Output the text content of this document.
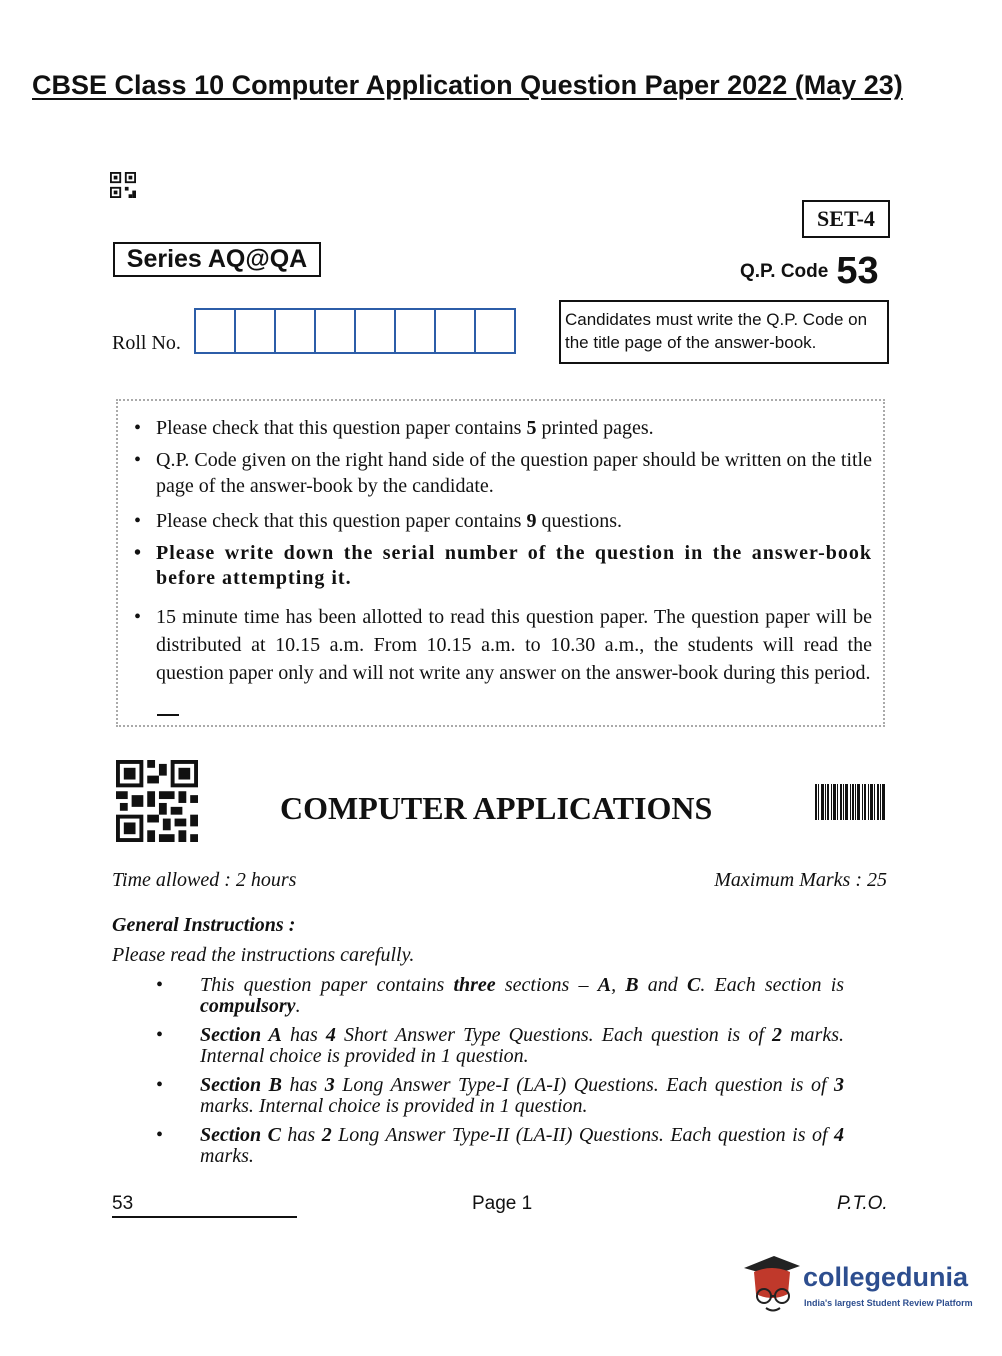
CBSE Class 10 Computer Application Question Paper 2022 (May 23)
SET-4
Series AQ@QA	Q.P. Code 53
Roll No.
Candidates must write the Q.P. Code on the title page of the answer-book.
• Please check that this question paper contains 5 printed pages.
• Q.P. Code given on the right hand side of the question paper should be written on the title page of the answer-book by the candidate.
• Please check that this question paper contains 9 questions.
• Please write down the serial number of the question in the answer-book before attempting it.
• 15 minute time has been allotted to read this question paper. The question paper will be distributed at 10.15 a.m. From 10.15 a.m. to 10.30 a.m., the students will read the question paper only and will not write any answer on the answer-book during this period.
COMPUTER APPLICATIONS
Time allowed : 2 hours	Maximum Marks : 25
General Instructions :
Please read the instructions carefully.
• This question paper contains three sections – A, B and C. Each section is compulsory.
• Section A has 4 Short Answer Type Questions. Each question is of 2 marks. Internal choice is provided in 1 question.
• Section B has 3 Long Answer Type-I (LA-I) Questions. Each question is of 3 marks. Internal choice is provided in 1 question.
• Section C has 2 Long Answer Type-II (LA-II) Questions. Each question is of 4 marks.
53	Page 1	P.T.O.
collegedunia
India's largest Student Review Platform
